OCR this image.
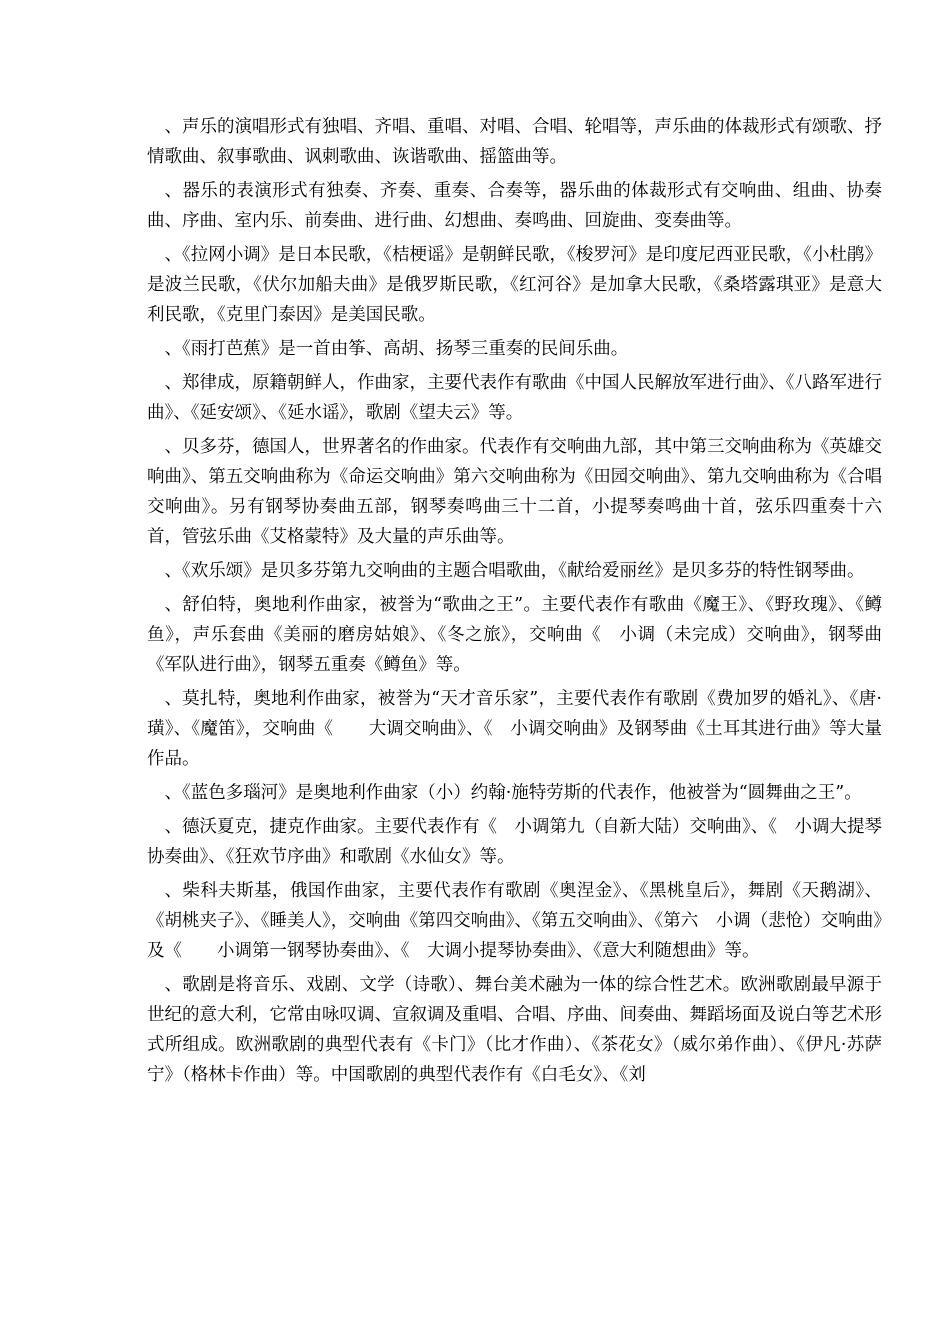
、声乐的演唱形式有独唱、齐唱、重唱、对唱、合唱、轮唱等，声乐曲的体裁形式有颂歌、抒情歌曲、叙事歌曲、讽刺歌曲、诙谐歌曲、摇篮曲等。

、器乐的表演形式有独奏、齐奏、重奏、合奏等，器乐曲的体裁形式有交响曲、组曲、协奏曲、序曲、室内乐、前奏曲、进行曲、幻想曲、奏鸣曲、回旋曲、变奏曲等。

、《拉网小调》是日本民歌，《桔梗谣》是朝鲜民歌，《梭罗河》是印度尼西亚民歌，《小杜鹃》是波兰民歌，《伏尔加船夫曲》是俄罗斯民歌，《红河谷》是加拿大民歌，《桑塔露琪亚》是意大利民歌，《克里门泰因》是美国民歌。

、《雨打芭蕉》是一首由筝、高胡、扬琴三重奏的民间乐曲。

、郑律成，原籍朝鲜人，作曲家，主要代表作有歌曲《中国人民解放军进行曲》、《八路军进行曲》、《延安颂》、《延水谣》，歌剧《望夫云》等。

、贝多芬，德国人，世界著名的作曲家。代表作有交响曲九部，其中第三交响曲称为《英雄交响曲》、第五交响曲称为《命运交响曲》第六交响曲称为《田园交响曲》、第九交响曲称为《合唱交响曲》。另有钢琴协奏曲五部，钢琴奏鸣曲三十二首，小提琴奏鸣曲十首，弦乐四重奏十六首，管弦乐曲《艾格蒙特》及大量的声乐曲等。

、《欢乐颂》是贝多芬第九交响曲的主题合唱歌曲，《献给爱丽丝》是贝多芬的特性钢琴曲。

、舒伯特，奥地利作曲家，被誉为“歌曲之王”。主要代表作有歌曲《魔王》、《野玫瑰》、《鳟鱼》，声乐套曲《美丽的磨房姑娘》、《冬之旅》，交响曲《　小调（未完成）交响曲》，钢琴曲《军队进行曲》，钢琴五重奏《鳟鱼》等。

、莫扎特，奥地利作曲家，被誉为“天才音乐家”，主要代表作有歌剧《费加罗的婚礼》、《唐·璜》、《魔笛》，交响曲《　　大调交响曲》、《　小调交响曲》及钢琴曲《土耳其进行曲》等大量作品。

、《蓝色多瑙河》是奥地利作曲家（小）约翰·施特劳斯的代表作，他被誉为“圆舞曲之王”。

、德沃夏克，捷克作曲家。主要代表作有《　小调第九（自新大陆）交响曲》、《　小调大提琴协奏曲》、《狂欢节序曲》和歌剧《水仙女》等。

、柴科夫斯基，俄国作曲家，主要代表作有歌剧《奥涅金》、《黑桃皇后》，舞剧《天鹅湖》、《胡桃夹子》、《睡美人》，交响曲《第四交响曲》、《第五交响曲》、《第六　小调（悲怆）交响曲》及《　　小调第一钢琴协奏曲》、《　大调小提琴协奏曲》、《意大利随想曲》等。

、歌剧是将音乐、戏剧、文学（诗歌）、舞台美术融为一体的综合性艺术。欧洲歌剧最早源于　　世纪的意大利，它常由咏叹调、宣叙调及重唱、合唱、序曲、间奏曲、舞蹈场面及说白等艺术形式所组成。欧洲歌剧的典型代表有《卡门》（比才作曲）、《茶花女》（威尔弟作曲）、《伊凡·苏萨宁》（格林卡作曲）等。中国歌剧的典型代表作有《白毛女》、《刘
